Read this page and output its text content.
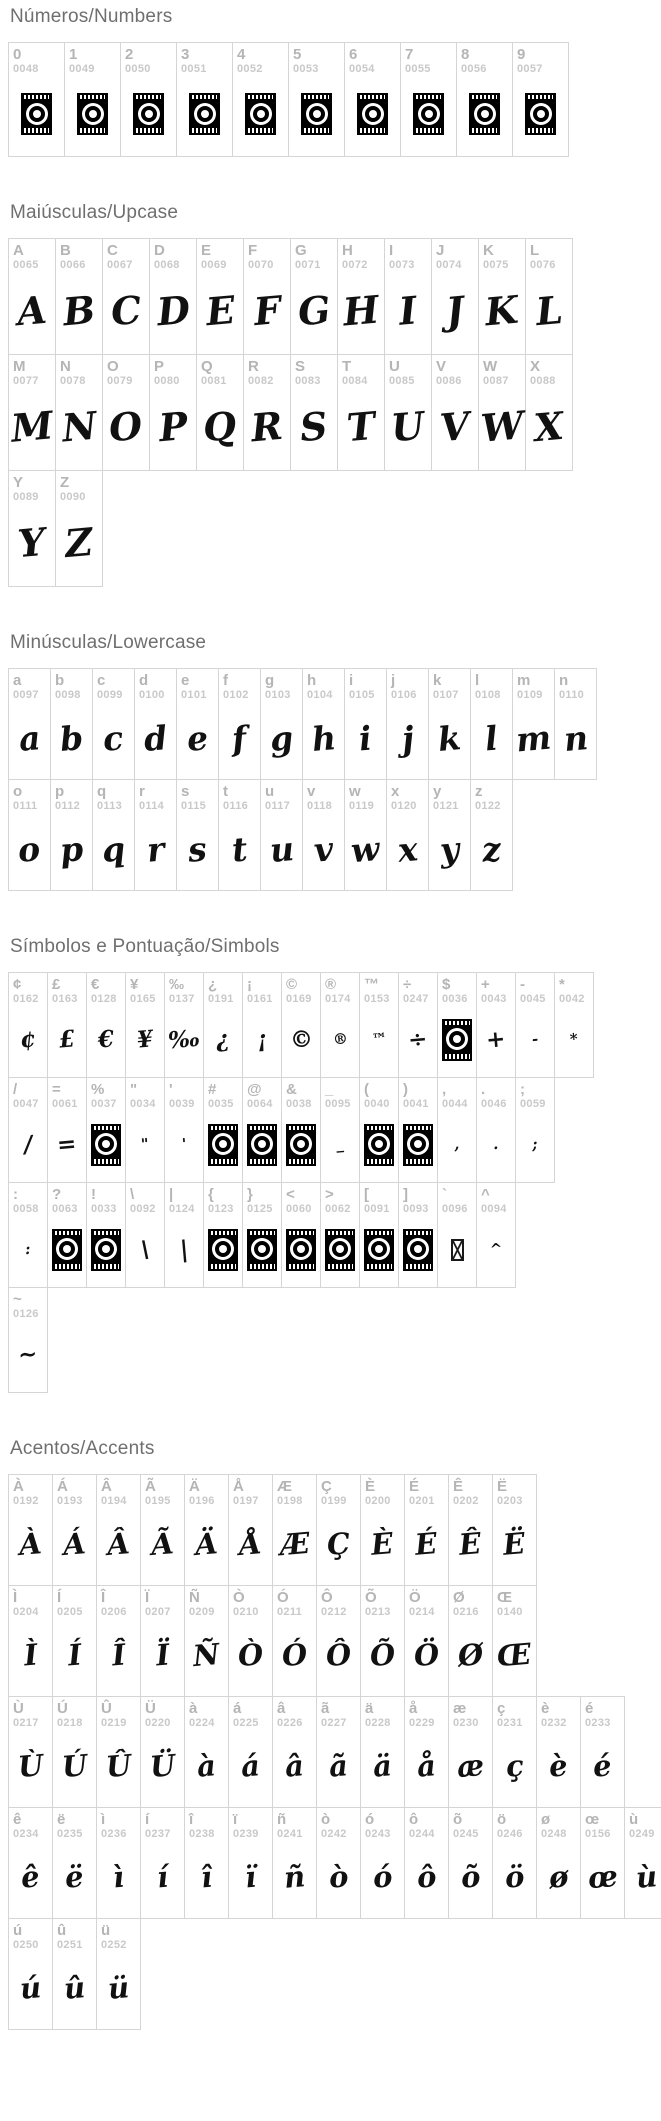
Números/Numbers
0
0048
1
0049
2
0050
3
0051
4
0052
5
0053
6
0054
7
0055
8
0056
9
0057
Maiúsculas/Upcase
A
0065
A
B
0066
B
C
0067
C
D
0068
D
E
0069
E
F
0070
F
G
0071
G
H
0072
H
I
0073
I
J
0074
J
K
0075
K
L
0076
L
M
0077
M
N
0078
N
O
0079
O
P
0080
P
Q
0081
Q
R
0082
R
S
0083
S
T
0084
T
U
0085
U
V
0086
V
W
0087
W
X
0088
X
Y
0089
Y
Z
0090
Z
Minúsculas/Lowercase
a
0097
a
b
0098
b
c
0099
c
d
0100
d
e
0101
e
f
0102
f
g
0103
g
h
0104
h
i
0105
i
j
0106
j
k
0107
k
l
0108
l
m
0109
m
n
0110
n
o
0111
o
p
0112
p
q
0113
q
r
0114
r
s
0115
s
t
0116
t
u
0117
u
v
0118
v
w
0119
w
x
0120
x
y
0121
y
z
0122
z
Símbolos e Pontuação/Simbols
¢
0162
¢
£
0163
£
€
0128
€
¥
0165
¥
‰
0137
‰
¿
0191
¿
¡
0161
¡
©
0169
©
®
0174
®
™
0153
™
÷
0247
÷
$
0036
+
0043
+
-
0045
-
*
0042
*
/
0047
/
=
0061
=
%
0037
"
0034
"
'
0039
'
#
0035
@
0064
&
0038
_
0095
_
(
0040
)
0041
,
0044
,
.
0046
.
;
0059
;
:
0058
:
?
0063
!
0033
\
0092
\
|
0124
|
{
0123
}
0125
<
0060
>
0062
[
0091
]
0093
`
0096
^
0094
^
~
0126
~
Acentos/Accents
À
0192
À
Á
0193
Á
Â
0194
Â
Ã
0195
Ã
Ä
0196
Ä
Å
0197
Å
Æ
0198
Æ
Ç
0199
Ç
È
0200
È
É
0201
É
Ê
0202
Ê
Ë
0203
Ë
Ì
0204
Ì
Í
0205
Í
Î
0206
Î
Ï
0207
Ï
Ñ
0209
Ñ
Ò
0210
Ò
Ó
0211
Ó
Ô
0212
Ô
Õ
0213
Õ
Ö
0214
Ö
Ø
0216
Ø
Œ
0140
Œ
Ù
0217
Ù
Ú
0218
Ú
Û
0219
Û
Ü
0220
Ü
à
0224
à
á
0225
á
â
0226
â
ã
0227
ã
ä
0228
ä
å
0229
å
æ
0230
æ
ç
0231
ç
è
0232
è
é
0233
é
ê
0234
ê
ë
0235
ë
ì
0236
ì
í
0237
í
î
0238
î
ï
0239
ï
ñ
0241
ñ
ò
0242
ò
ó
0243
ó
ô
0244
ô
õ
0245
õ
ö
0246
ö
ø
0248
ø
œ
0156
œ
ù
0249
ù
ú
0250
ú
û
0251
û
ü
0252
ü
